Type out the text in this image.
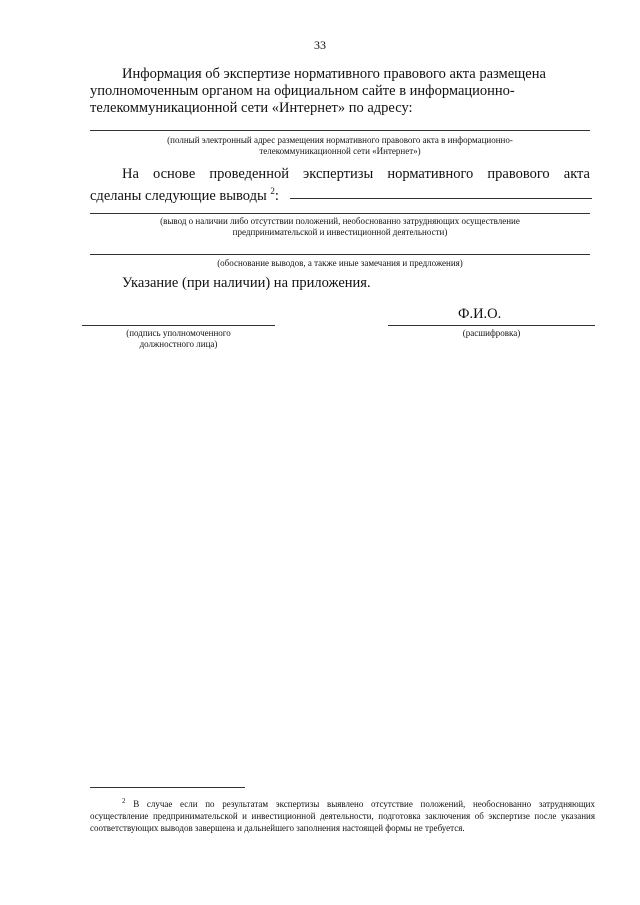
33
Информация об экспертизе нормативного правового акта размещена
уполномоченным органом на официальном сайте в информационно-
телекоммуникационной сети «Интернет» по адресу:
(полный электронный адрес размещения нормативного правового акта в информационно-
телекоммуникационной сети «Интернет»)
На основе проведенной экспертизы нормативного правового акта
сделаны следующие выводы $^2$:
(вывод о наличии либо отсутствии положений, необоснованно затрудняющих осуществление
предпринимательской и инвестиционной деятельности)
(обоснование выводов, а также иные замечания и предложения)
Указание (при наличии) на приложения.
Ф.И.О.
(подпись уполномоченного
должностного лица)
(расшифровка)
$^2$ В случае если по результатам экспертизы выявлено отсутствие положений, необоснованно затрудняющих осуществление предпринимательской и инвестиционной деятельности, подготовка заключения об экспертизе после указания соответствующих выводов завершена и дальнейшего заполнения настоящей формы не требуется.
